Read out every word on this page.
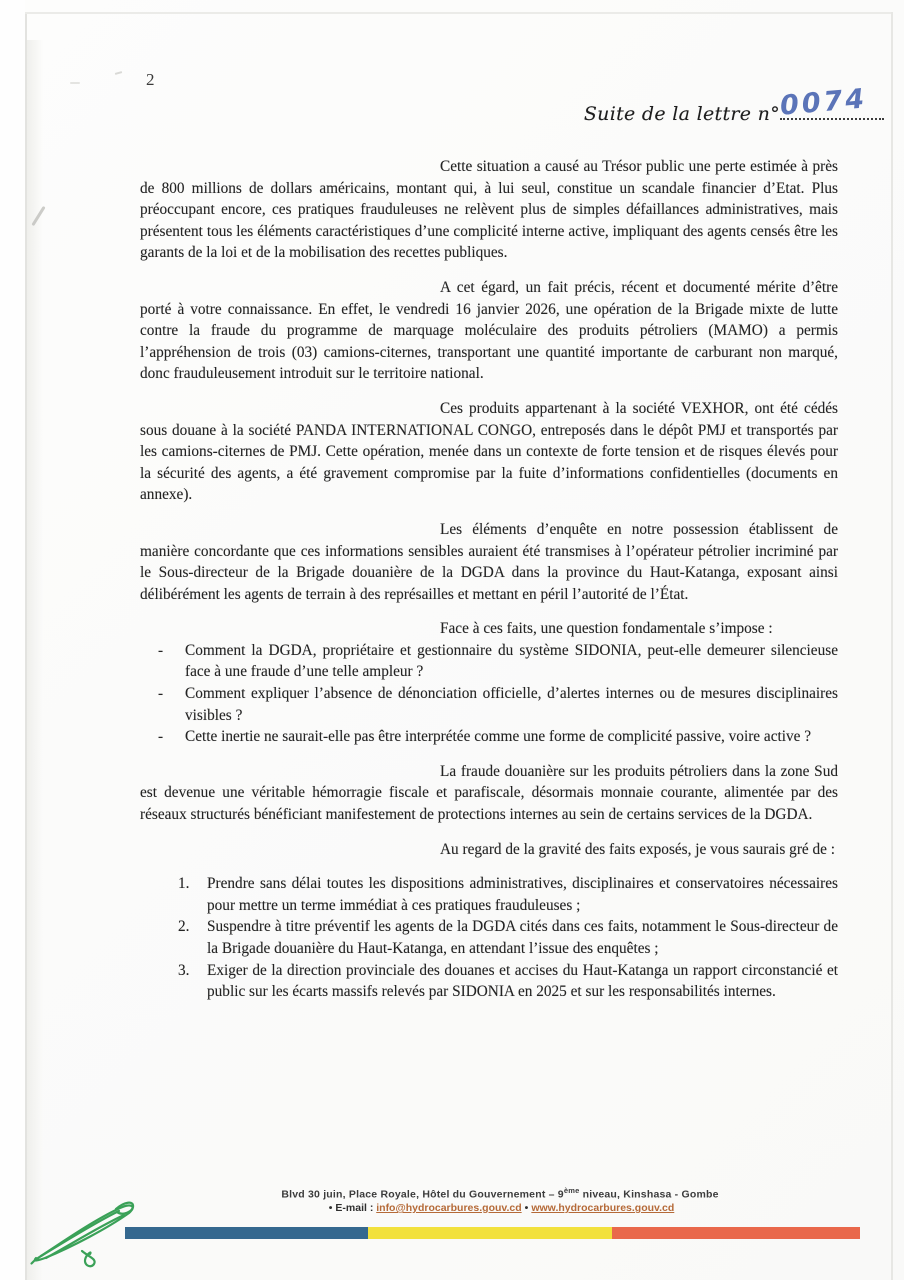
2
Suite de la lettre n°
0074

Cette situation a causé au Trésor public une perte estimée à près de 800 millions de dollars américains, montant qui, à lui seul, constitue un scandale financier d’Etat. Plus préoccupant encore, ces pratiques frauduleuses ne relèvent plus de simples défaillances administratives, mais présentent tous les éléments caractéristiques d’une complicité interne active, impliquant des agents censés être les garants de la loi et de la mobilisation des recettes publiques.

A cet égard, un fait précis, récent et documenté mérite d’être porté à votre connaissance. En effet, le vendredi 16 janvier 2026, une opération de la Brigade mixte de lutte contre la fraude du programme de marquage moléculaire des produits pétroliers (MAMO) a permis l’appréhension de trois (03) camions-citernes, transportant une quantité importante de carburant non marqué, donc frauduleusement introduit sur le territoire national.

Ces produits appartenant à la société VEXHOR, ont été cédés sous douane à la société PANDA INTERNATIONAL CONGO, entreposés dans le dépôt PMJ et transportés par les camions-citernes de PMJ. Cette opération, menée dans un contexte de forte tension et de risques élevés pour la sécurité des agents, a été gravement compromise par la fuite d’informations confidentielles (documents en annexe).

Les éléments d’enquête en notre possession établissent de manière concordante que ces informations sensibles auraient été transmises à l’opérateur pétrolier incriminé par le Sous-directeur de la Brigade douanière de la DGDA dans la province du Haut-Katanga, exposant ainsi délibérément les agents de terrain à des représailles et mettant en péril l’autorité de l’État.

Face à ces faits, une question fondamentale s’impose :

- Comment la DGDA, propriétaire et gestionnaire du système SIDONIA, peut-elle demeurer silencieuse face à une fraude d’une telle ampleur ?
- Comment expliquer l’absence de dénonciation officielle, d’alertes internes ou de mesures disciplinaires visibles ?
- Cette inertie ne saurait-elle pas être interprétée comme une forme de complicité passive, voire active ?

La fraude douanière sur les produits pétroliers dans la zone Sud est devenue une véritable hémorragie fiscale et parafiscale, désormais monnaie courante, alimentée par des réseaux structurés bénéficiant manifestement de protections internes au sein de certains services de la DGDA.

Au regard de la gravité des faits exposés, je vous saurais gré de :

1. Prendre sans délai toutes les dispositions administratives, disciplinaires et conservatoires nécessaires pour mettre un terme immédiat à ces pratiques frauduleuses ;
2. Suspendre à titre préventif les agents de la DGDA cités dans ces faits, notamment le Sous-directeur de la Brigade douanière du Haut-Katanga, en attendant l’issue des enquêtes ;
3. Exiger de la direction provinciale des douanes et accises du Haut-Katanga un rapport circonstancié et public sur les écarts massifs relevés par SIDONIA en 2025 et sur les responsabilités internes.
Blvd 30 juin, Place Royale, Hôtel du Gouvernement – 9ème niveau, Kinshasa - Gombe
• E-mail : info@hydrocarbures.gouv.cd • www.hydrocarbures.gouv.cd
